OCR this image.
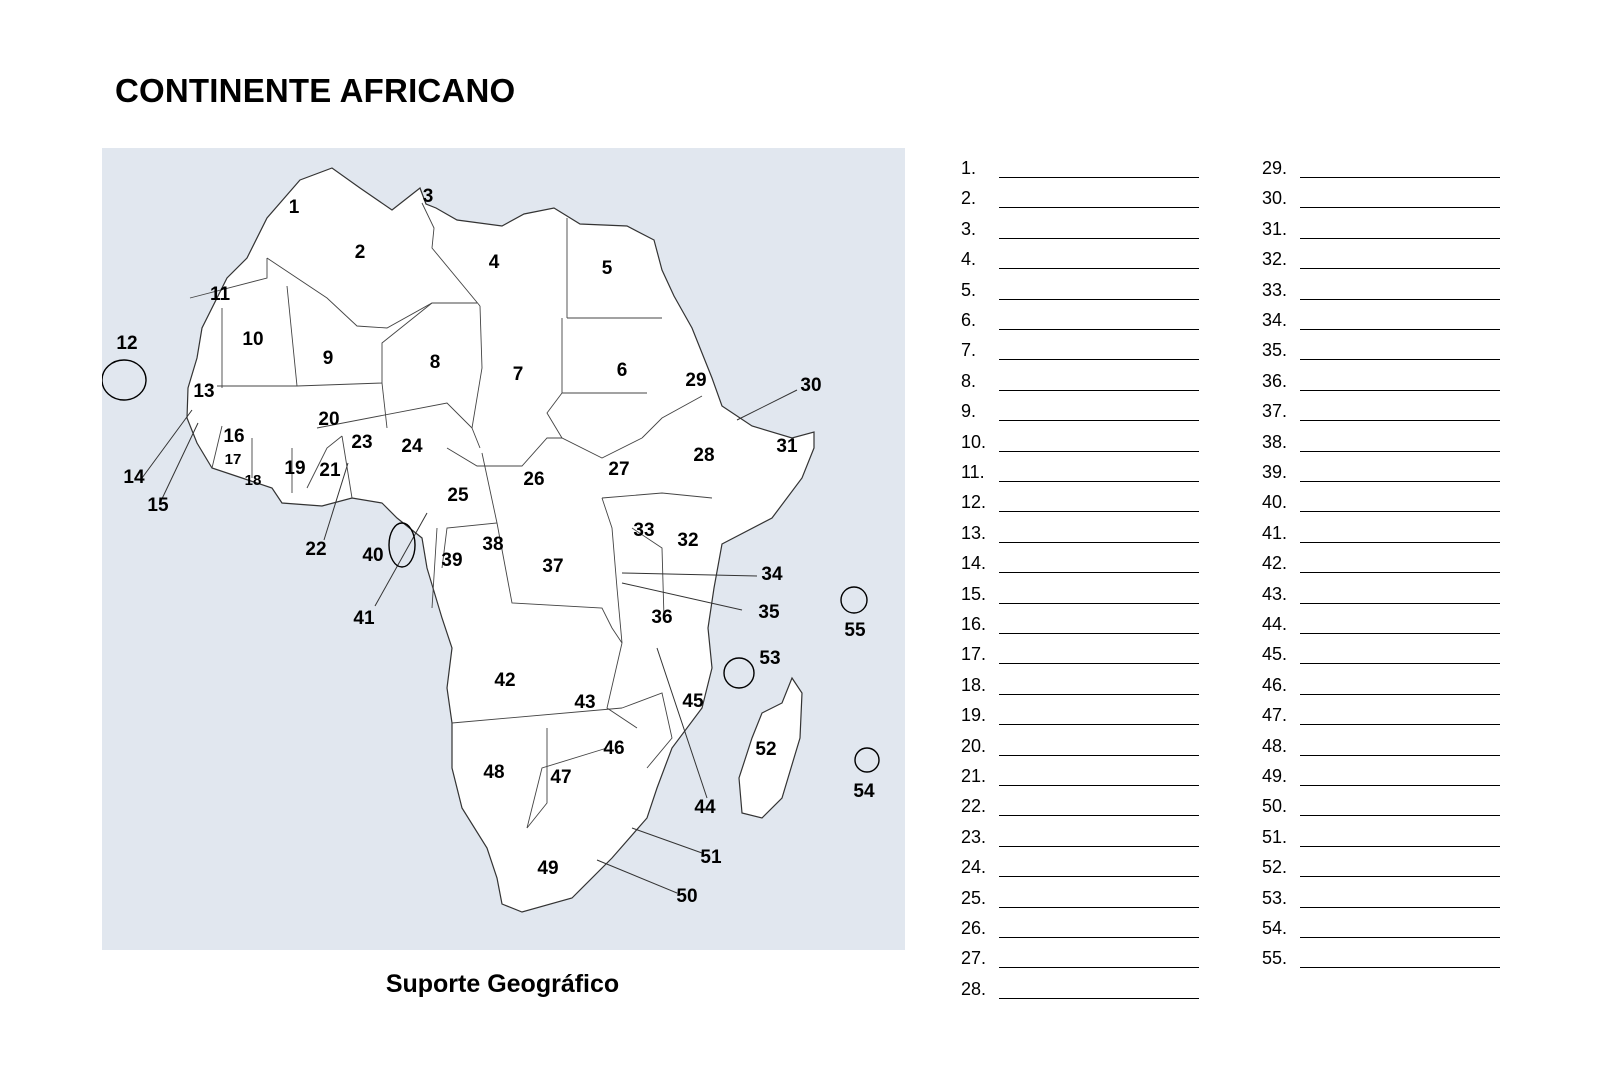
CONTINENTE AFRICANO
1
2
3
4	5
6
7
8
9
10
11
12
13
14
15
16
17
18
19
20
21
22
23 24
25
26	27
28
29	30
31
32
33
34
35
36
37
38
39
40
41
42
43
44
45
46
47
48
49
50
51
52
53
54
55
Suporte Geográfico
1.
2.
3.
4.
5.
6.
7.
8.
9.
10.
11.
12.
13.
14.
15.
16.
17.
18.
19.
20.
21.
22.
23.
24.
25.
26.
27.
28.
29.
30.
31.
32.
33.
34.
35.
36.
37.
38.
39.
40.
41.
42.
43.
44.
45.
46.
47.
48.
49.
50.
51.
52.
53.
54.
55.
